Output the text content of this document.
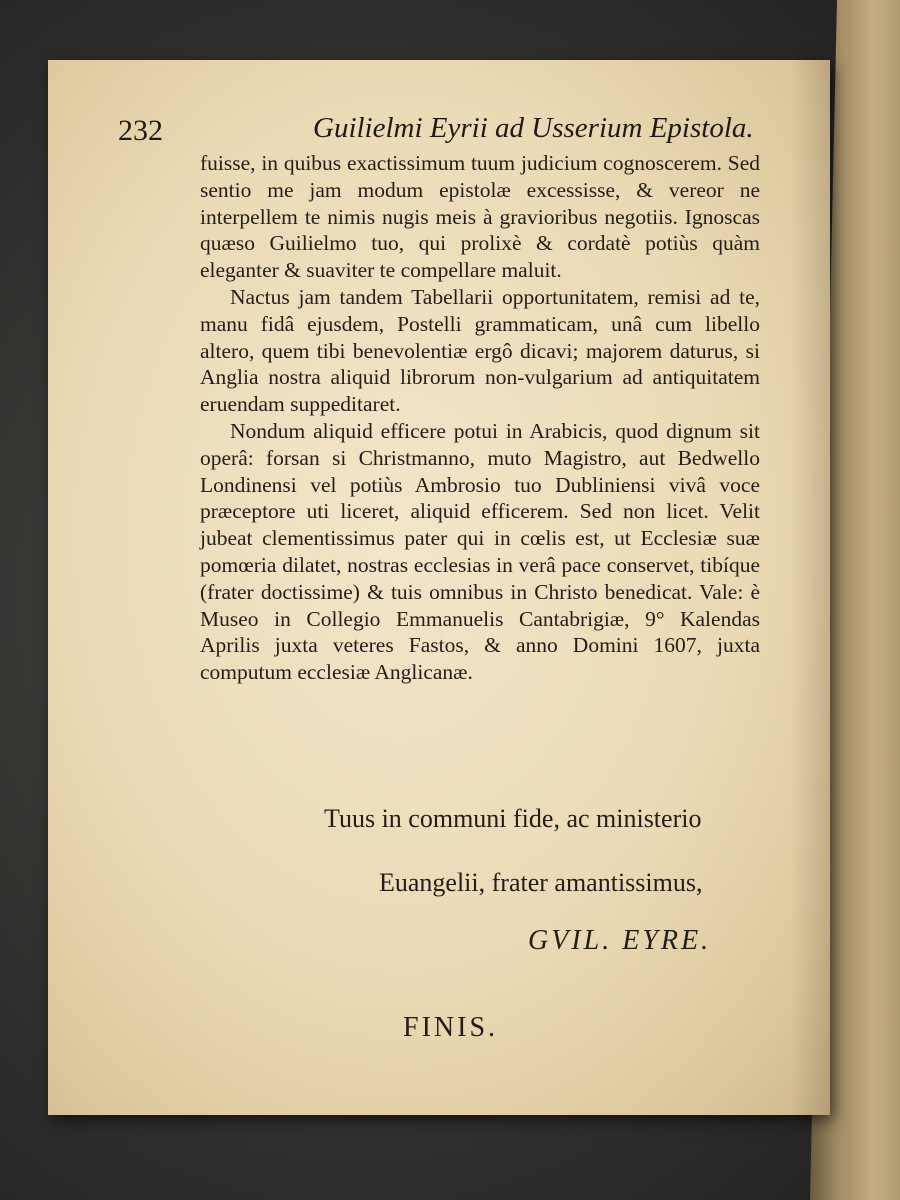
232	Guilielmi Eyrii ad Usserium Epistola.

fuisse, in quibus exactissimum tuum judicium cognoscerem. Sed sentio me jam modum epistolæ excessisse, & vereor ne interpellem te nimis nugis meis à gravioribus negotiis. Ignoscas quæso Guilielmo tuo, qui prolixè & cordatè potiùs quàm eleganter & suaviter te compellare maluit.

Nactus jam tandem Tabellarii opportunitatem, remisi ad te, manu fidâ ejusdem, Postelli grammaticam, unâ cum libello altero, quem tibi benevolentiæ ergô dicavi; majorem daturus, si Anglia nostra aliquid librorum non-vulgarium ad antiquitatem eruendam suppeditaret.

Nondum aliquid efficere potui in Arabicis, quod dignum sit operâ: forsan si Christmanno, muto Magistro, aut Bedwello Londinensi vel potiùs Ambrosio tuo Dubliniensi vivâ voce præceptore uti liceret, aliquid efficerem. Sed non licet. Velit jubeat clementissimus pater qui in cœlis est, ut Ecclesiæ suæ pomœria dilatet, nostras ecclesias in verâ pace conservet, tibíque (frater doctissime) & tuis omnibus in Christo benedicat. Vale: è Museo in Collegio Emmanuelis Cantabrigiæ, 9° Kalendas Aprilis juxta veteres Fastos, & anno Domini 1607, juxta computum ecclesiæ Anglicanæ.

Tuus in communi fide, ac ministerio
Euangelii, frater amantissimus,
GVIL. EYRE.
FINIS.
